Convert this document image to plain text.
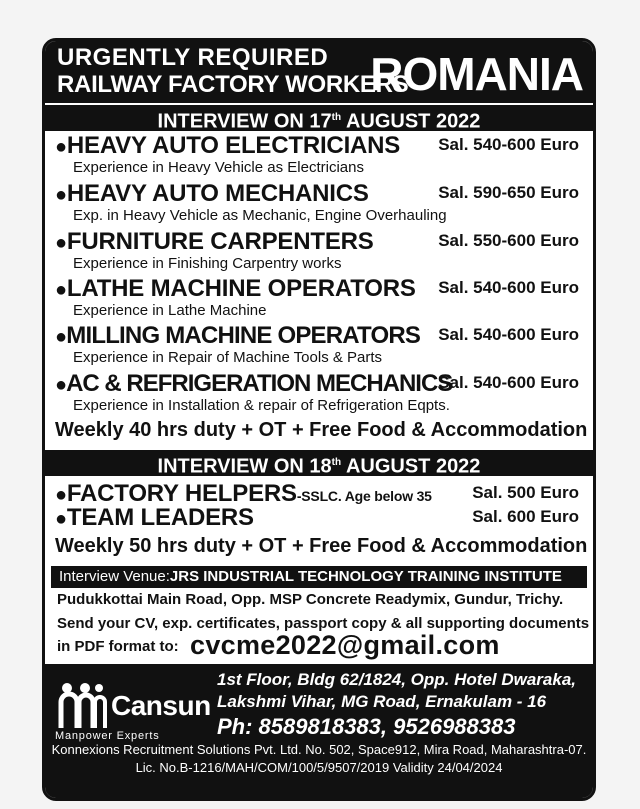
URGENTLY REQUIRED
RAILWAY FACTORY WORKERS
ROMANIA
INTERVIEW ON 17th AUGUST 2022
●HEAVY AUTO ELECTRICIANS
Experience in Heavy Vehicle as Electricians
Sal. 540-600 Euro
●HEAVY AUTO MECHANICS
Exp. in Heavy Vehicle as Mechanic, Engine Overhauling
Sal. 590-650 Euro
●FURNITURE CARPENTERS
Experience in Finishing Carpentry works
Sal. 550-600 Euro
●LATHE MACHINE OPERATORS
Experience in Lathe Machine
Sal. 540-600 Euro
●MILLING MACHINE OPERATORS
Experience in Repair of Machine Tools & Parts
Sal. 540-600 Euro
●AC & REFRIGERATION MECHANICS
Experience in Installation & repair of Refrigeration Eqpts.
Sal. 540-600 Euro
Weekly 40 hrs duty + OT + Free Food & Accommodation
INTERVIEW ON 18th AUGUST 2022
●FACTORY HELPERS-SSLC. Age below 35	Sal. 500 Euro
●TEAM LEADERS	Sal. 600 Euro
Weekly 50 hrs duty + OT + Free Food & Accommodation
Interview Venue:JRS INDUSTRIAL TECHNOLOGY TRAINING INSTITUTE
Pudukkottai Main Road, Opp. MSP Concrete Readymix, Gundur, Trichy.
Send your CV, exp. certificates, passport copy & all supporting documents
in PDF format to: cvcme2022@gmail.com
Cansun
Manpower Experts
1st Floor, Bldg 62/1824, Opp. Hotel Dwaraka,
Lakshmi Vihar, MG Road, Ernakulam - 16
Ph: 8589818383, 9526988383
Konnexions Recruitment Solutions Pvt. Ltd. No. 502, Space912, Mira Road, Maharashtra-07.
Lic. No.B-1216/MAH/COM/100/5/9507/2019 Validity 24/04/2024
